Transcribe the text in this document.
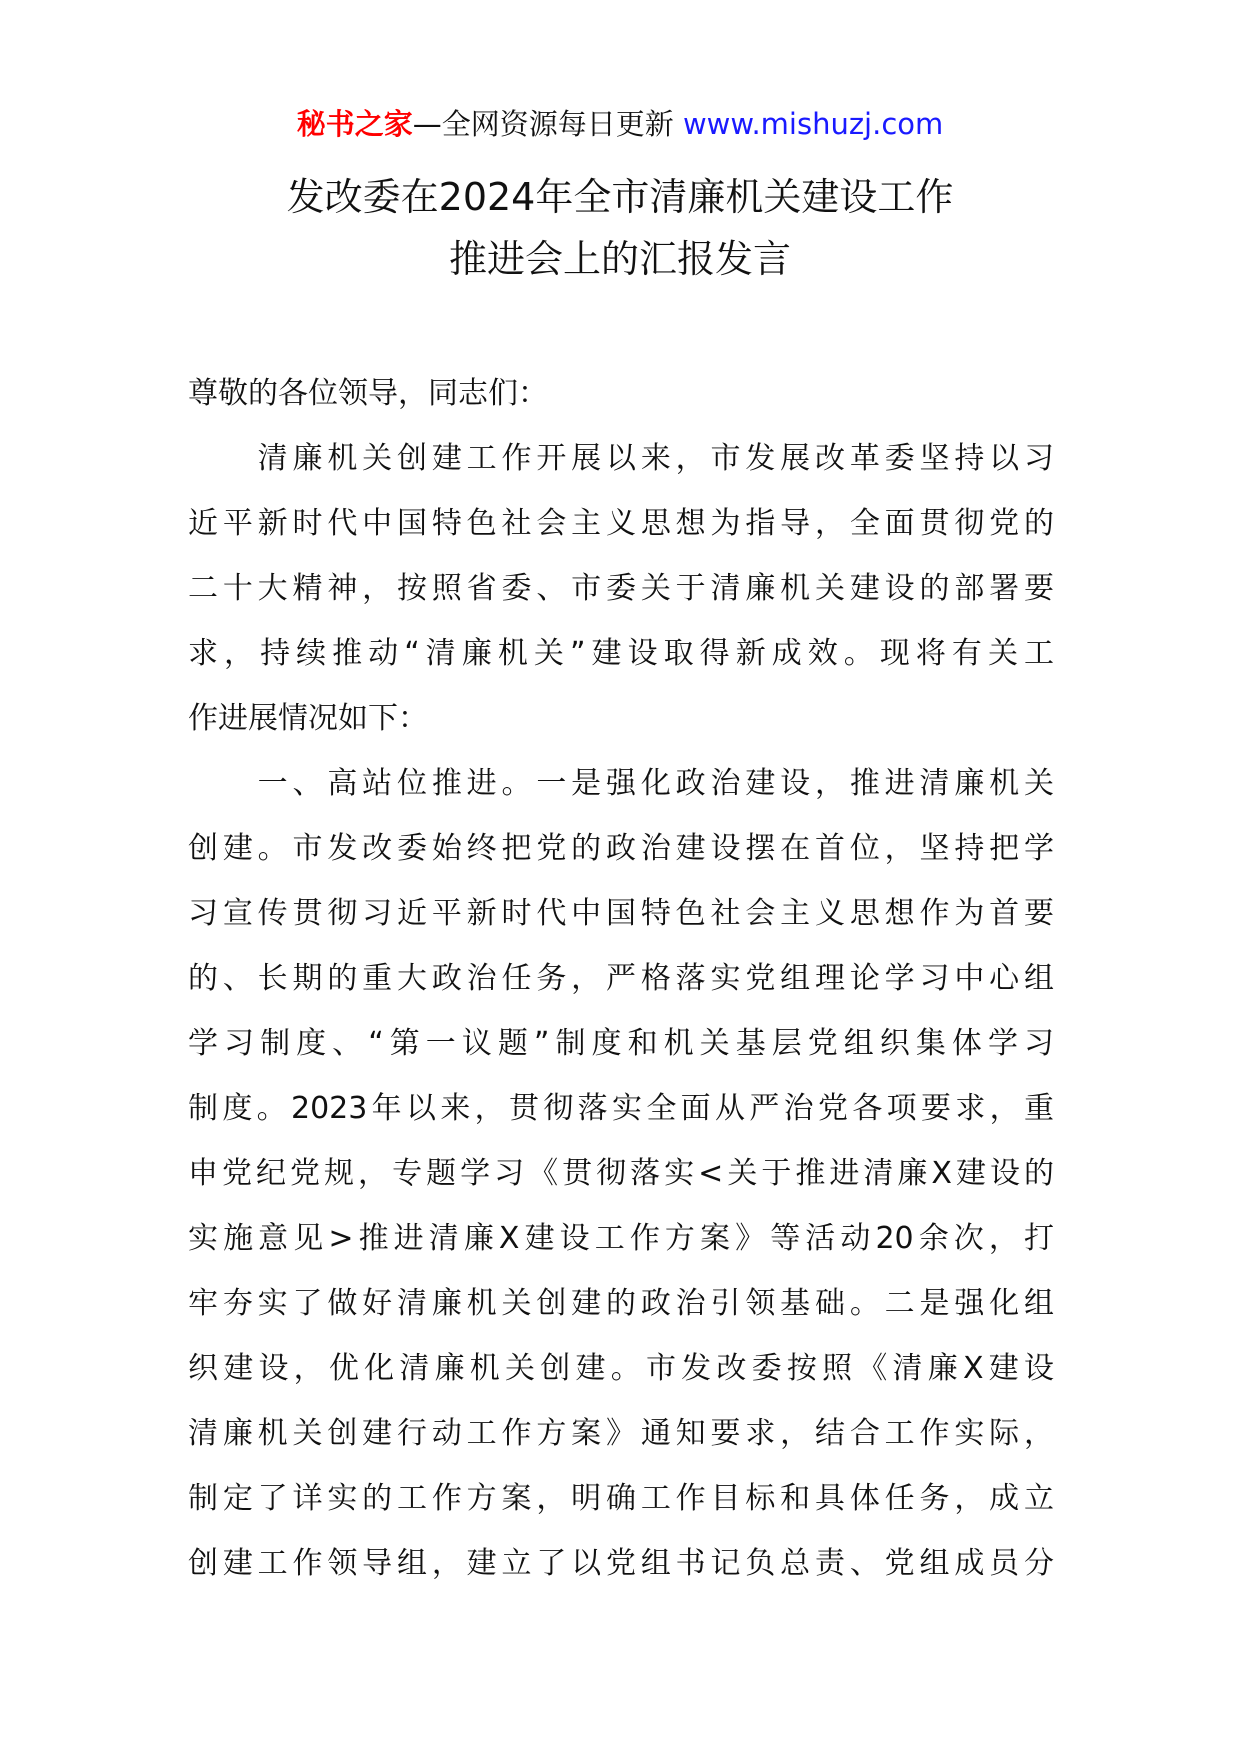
秘书之家—全网资源每日更新 www.mishuzj.com
发改委在2024年全市清廉机关建设工作
推进会上的汇报发言
尊敬的各位领导，同志们：
　　清廉机关创建工作开展以来，市发展改革委坚持以习
近平新时代中国特色社会主义思想为指导，全面贯彻党的
二十大精神，按照省委、市委关于清廉机关建设的部署要
求，持续推动“清廉机关”建设取得新成效。现将有关工
作进展情况如下：
　　一、高站位推进。一是强化政治建设，推进清廉机关
创建。市发改委始终把党的政治建设摆在首位，坚持把学
习宣传贯彻习近平新时代中国特色社会主义思想作为首要
的、长期的重大政治任务，严格落实党组理论学习中心组
学习制度、“第一议题”制度和机关基层党组织集体学习
制度。2023年以来，贯彻落实全面从严治党各项要求，重
申党纪党规，专题学习《贯彻落实<关于推进清廉X建设的
实施意见>推进清廉X建设工作方案》等活动20余次，打
牢夯实了做好清廉机关创建的政治引领基础。二是强化组
织建设，优化清廉机关创建。市发改委按照《清廉X建设
清廉机关创建行动工作方案》通知要求，结合工作实际，
制定了详实的工作方案，明确工作目标和具体任务，成立
创建工作领导组，建立了以党组书记负总责、党组成员分
